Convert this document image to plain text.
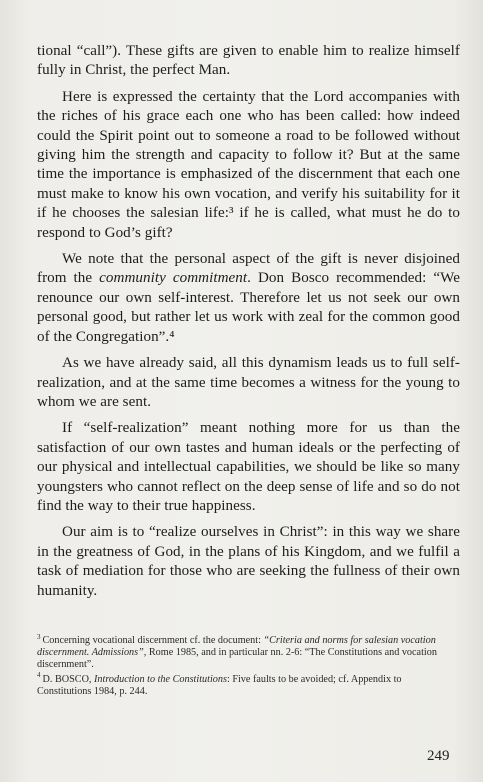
tional “call”). These gifts are given to enable him to realize himself fully in Christ, the perfect Man.

Here is expressed the certainty that the Lord accompanies with the riches of his grace each one who has been called: how indeed could the Spirit point out to someone a road to be followed without giving him the strength and capacity to follow it? But at the same time the importance is emphasized of the discernment that each one must make to know his own vocation, and verify his suitability for it if he chooses the salesian life:³ if he is called, what must he do to respond to God’s gift?

We note that the personal aspect of the gift is never disjoined from the community commitment. Don Bosco recommended: “We renounce our own self-interest. Therefore let us not seek our own personal good, but rather let us work with zeal for the common good of the Congregation”.⁴

As we have already said, all this dynamism leads us to full self-realization, and at the same time becomes a witness for the young to whom we are sent.

If “self-realization” meant nothing more for us than the satisfaction of our own tastes and human ideals or the perfecting of our physical and intellectual capabilities, we should be like so many youngsters who cannot reflect on the deep sense of life and so do not find the way to their true happiness.

Our aim is to “realize ourselves in Christ”: in this way we share in the greatness of God, in the plans of his Kingdom, and we fulfil a task of mediation for those who are seeking the fullness of their own humanity.

$^3$ Concerning vocational discernment cf. the document: “Criteria and norms for salesian vocation discernment. Admissions”, Rome 1985, and in particular nn. 2-6: “The Constitutions and vocation discernment”.

$^4$ D. BOSCO, Introduction to the Constitutions: Five faults to be avoided; cf. Appendix to Constitutions 1984, p. 244.

249
